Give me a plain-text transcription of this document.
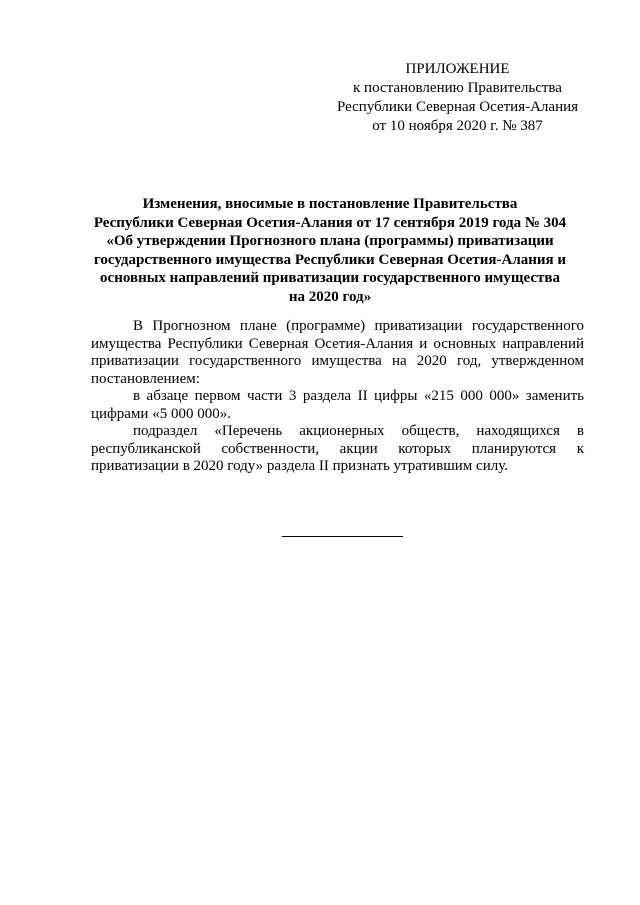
ПРИЛОЖЕНИЕ
к постановлению Правительства
Республики Северная Осетия-Алания
от 10 ноября 2020 г. № 387
Изменения, вносимые в постановление Правительства
Республики Северная Осетия-Алания от 17 сентября 2019 года № 304
«Об утверждении Прогнозного плана (программы) приватизации
государственного имущества Республики Северная Осетия-Алания и
основных направлений приватизации государственного имущества
на 2020 год»

В Прогнозном плане (программе) приватизации государственного имущества Республики Северная Осетия-Алания и основных направлений приватизации государственного имущества на 2020 год, утвержденном постановлением:

в абзаце первом части 3 раздела II цифры «215 000 000» заменить цифрами «5 000 000».

подраздел «Перечень акционерных обществ, находящихся в республиканской собственности, акции которых планируются к приватизации в 2020 году» раздела II признать утратившим силу.
